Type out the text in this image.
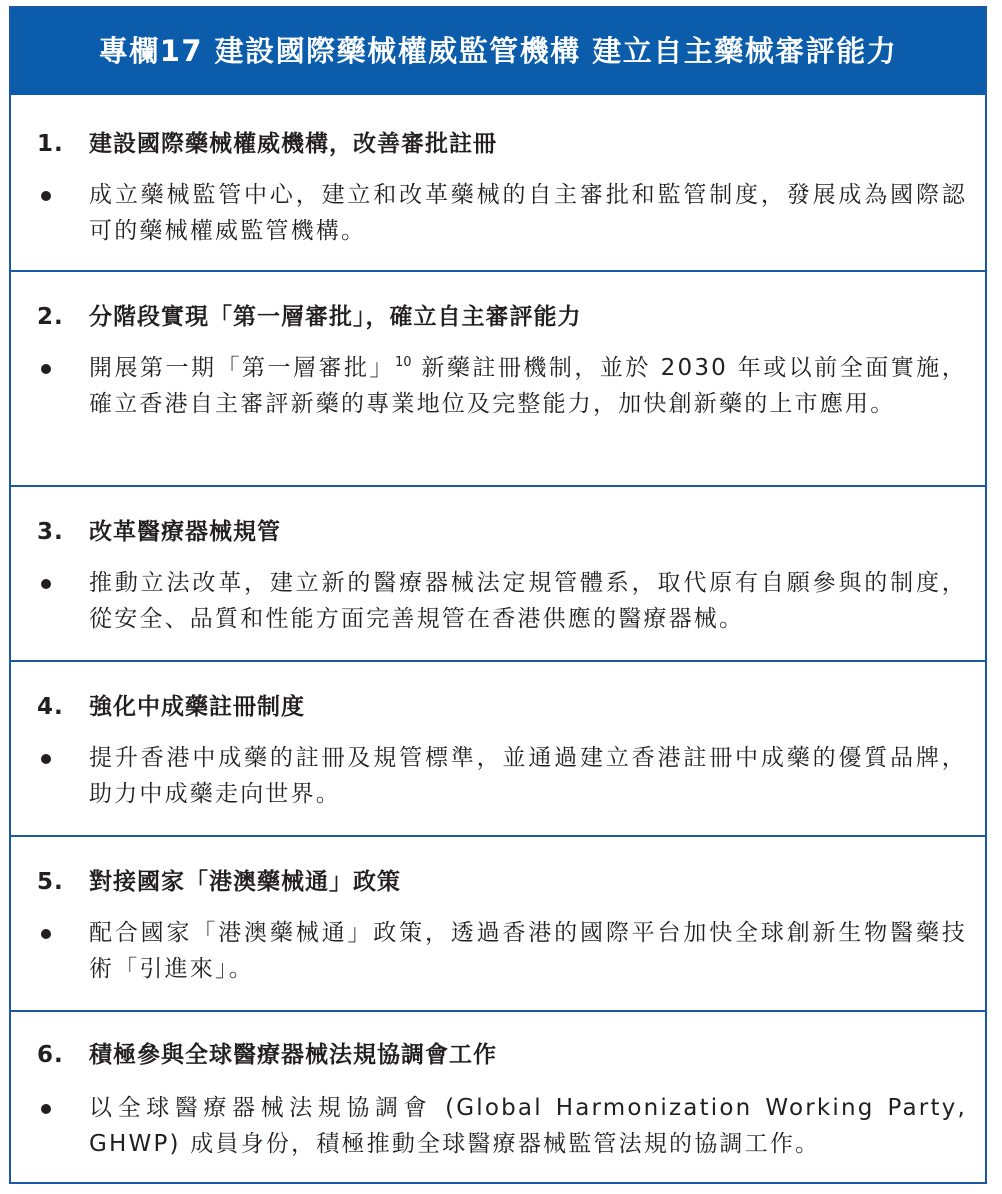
專欄17 建設國際藥械權威監管機構 建立自主藥械審評能力
1. 建設國際藥械權威機構，改善審批註冊
成立藥械監管中心，建立和改革藥械的自主審批和監管制度，發展成為國際認可的藥械權威監管機構。
2. 分階段實現「第一層審批」，確立自主審評能力
開展第一期「第一層審批」$^{10}$ 新藥註冊機制，並於 2030 年或以前全面實施，確立香港自主審評新藥的專業地位及完整能力，加快創新藥的上市應用。
3. 改革醫療器械規管
推動立法改革，建立新的醫療器械法定規管體系，取代原有自願參與的制度，從安全、品質和性能方面完善規管在香港供應的醫療器械。
4. 強化中成藥註冊制度
提升香港中成藥的註冊及規管標準，並通過建立香港註冊中成藥的優質品牌，助力中成藥走向世界。
5. 對接國家「港澳藥械通」政策
配合國家「港澳藥械通」政策，透過香港的國際平台加快全球創新生物醫藥技術「引進來」。
6. 積極參與全球醫療器械法規協調會工作
以全球醫療器械法規協調會 (Global Harmonization Working Party, GHWP) 成員身份，積極推動全球醫療器械監管法規的協調工作。
